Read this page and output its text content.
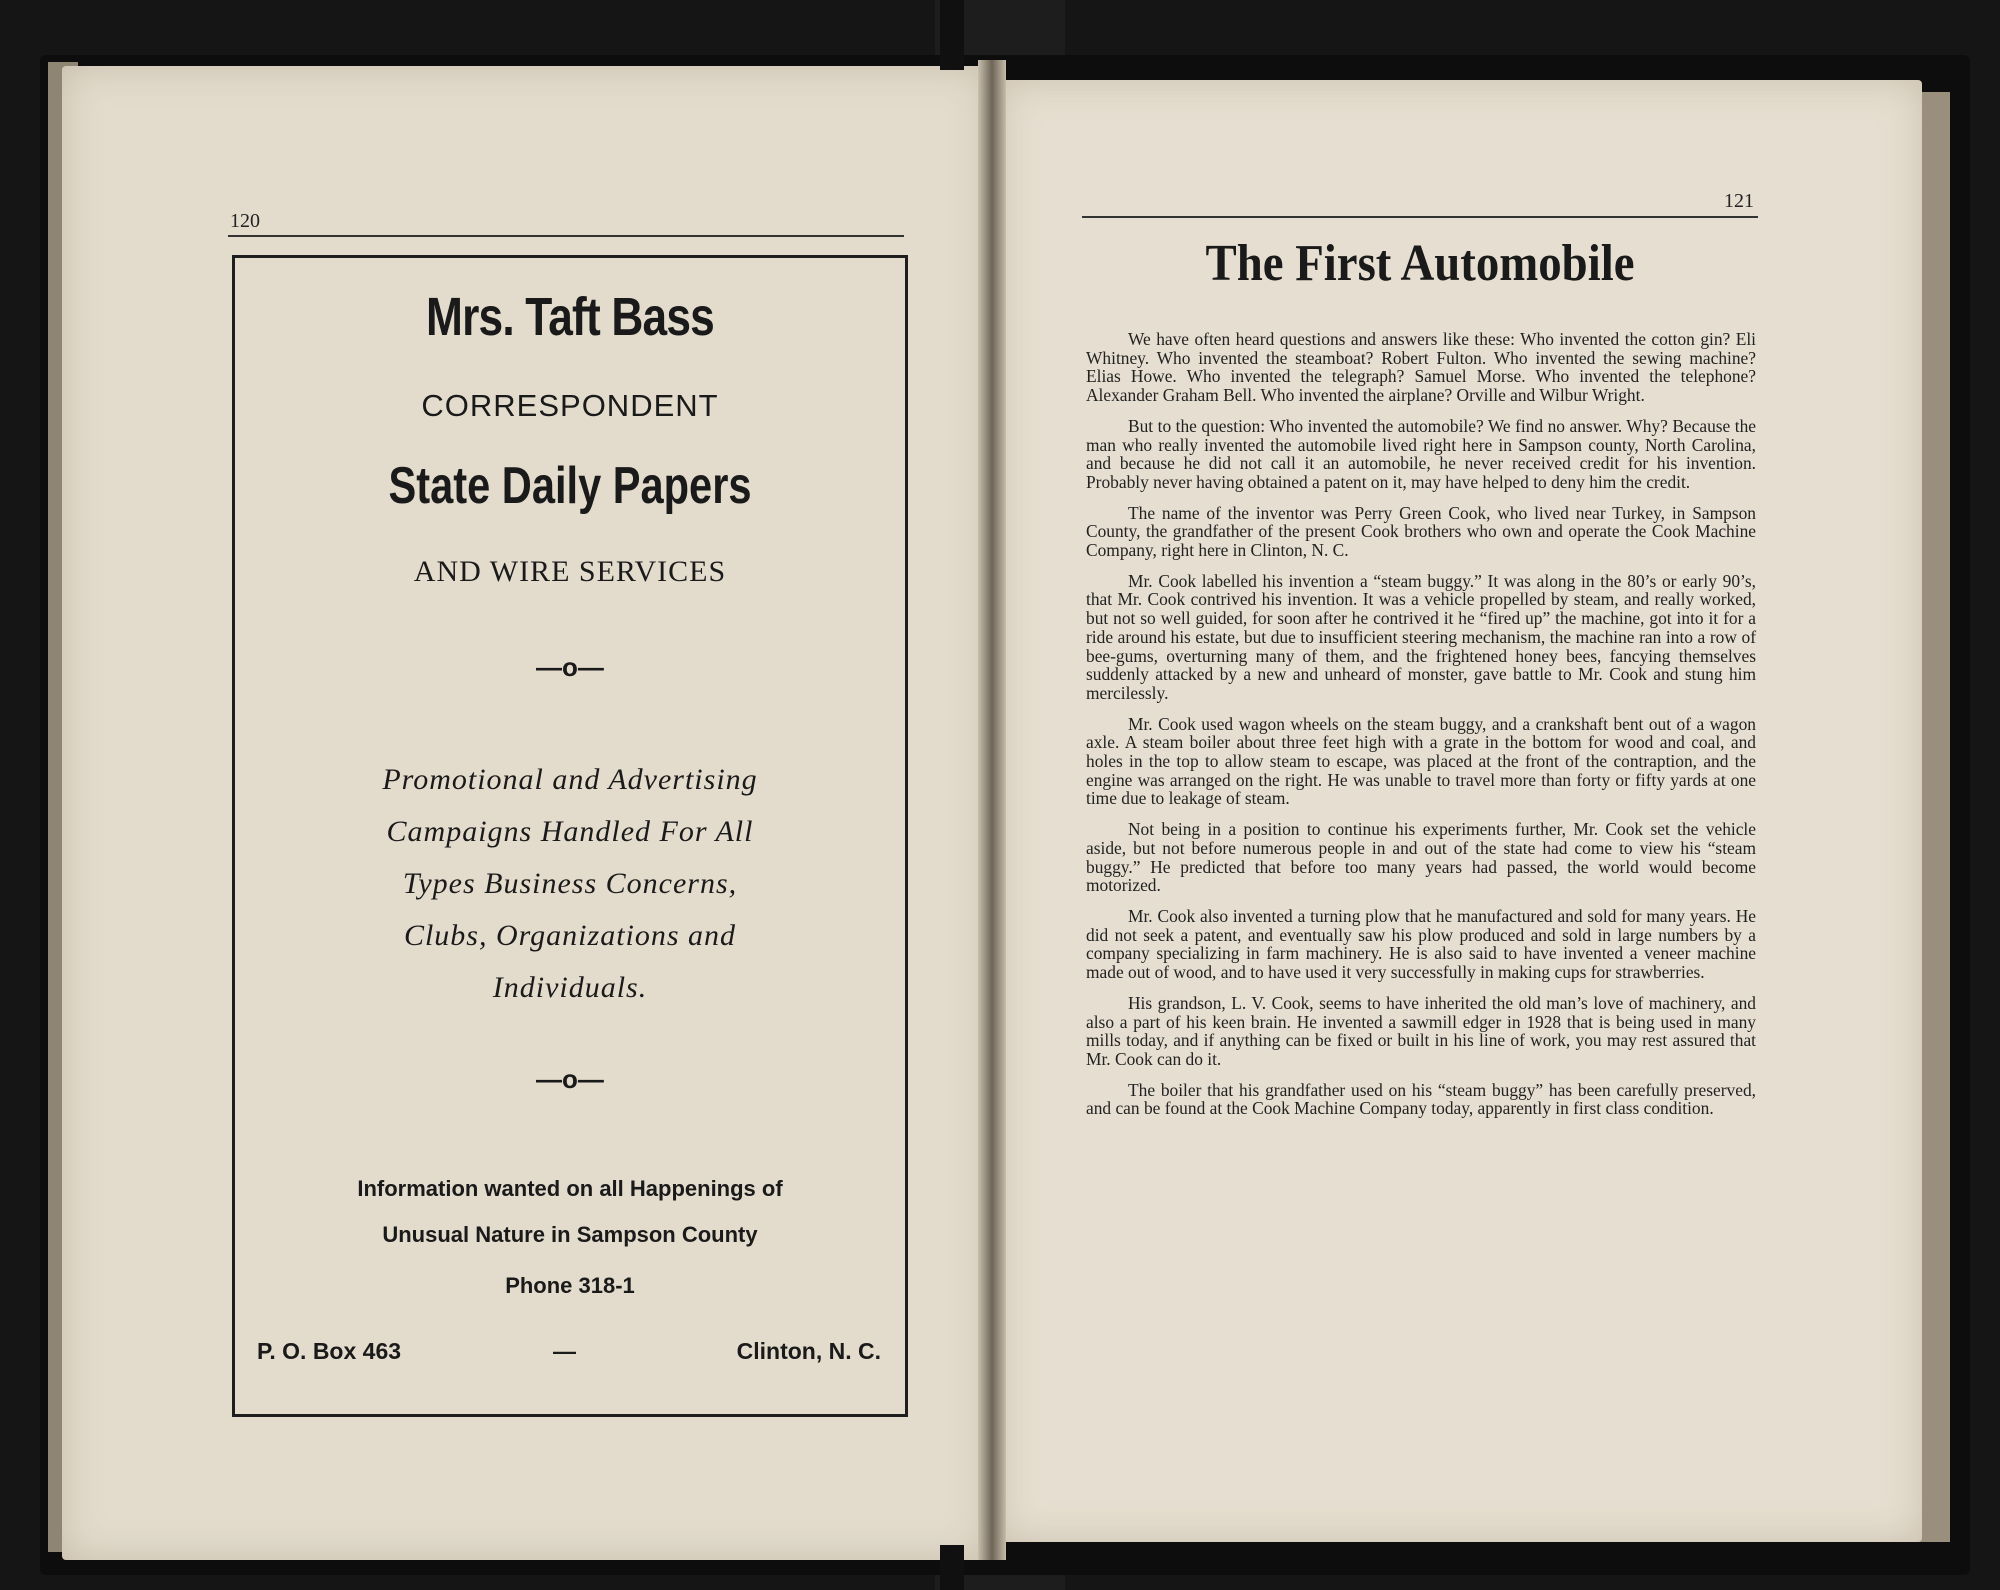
120
Mrs. Taft Bass
CORRESPONDENT
State Daily Papers
AND WIRE SERVICES
—o—
Promotional and Advertising Campaigns Handled For All Types Business Concerns, Clubs, Organizations and Individuals.
—o—
Information wanted on all Happenings of Unusual Nature in Sampson County
Phone 318-1
P. O. Box 463	—	Clinton, N. C.
121
The First Automobile

We have often heard questions and answers like these: Who invented the cotton gin? Eli Whitney. Who invented the steamboat? Robert Fulton. Who invented the sewing machine? Elias Howe. Who invented the telegraph? Samuel Morse. Who invented the telephone? Alexander Graham Bell. Who invented the airplane? Orville and Wilbur Wright.

But to the question: Who invented the automobile? We find no answer. Why? Because the man who really invented the automobile lived right here in Sampson county, North Carolina, and because he did not call it an automobile, he never received credit for his invention. Probably never having obtained a patent on it, may have helped to deny him the credit.

The name of the inventor was Perry Green Cook, who lived near Turkey, in Sampson County, the grandfather of the present Cook brothers who own and operate the Cook Machine Company, right here in Clinton, N. C.

Mr. Cook labelled his invention a “steam buggy.” It was along in the 80’s or early 90’s, that Mr. Cook contrived his invention. It was a vehicle propelled by steam, and really worked, but not so well guided, for soon after he contrived it he “fired up” the machine, got into it for a ride around his estate, but due to insufficient steering mechanism, the machine ran into a row of bee-gums, overturning many of them, and the frightened honey bees, fancying themselves suddenly attacked by a new and unheard of monster, gave battle to Mr. Cook and stung him mercilessly.

Mr. Cook used wagon wheels on the steam buggy, and a crankshaft bent out of a wagon axle. A steam boiler about three feet high with a grate in the bottom for wood and coal, and holes in the top to allow steam to escape, was placed at the front of the contraption, and the engine was arranged on the right. He was unable to travel more than forty or fifty yards at one time due to leakage of steam.

Not being in a position to continue his experiments further, Mr. Cook set the vehicle aside, but not before numerous people in and out of the state had come to view his “steam buggy.” He predicted that before too many years had passed, the world would become motorized.

Mr. Cook also invented a turning plow that he manufactured and sold for many years. He did not seek a patent, and eventually saw his plow produced and sold in large numbers by a company specializing in farm machinery. He is also said to have invented a veneer machine made out of wood, and to have used it very successfully in making cups for strawberries.

His grandson, L. V. Cook, seems to have inherited the old man’s love of machinery, and also a part of his keen brain. He invented a sawmill edger in 1928 that is being used in many mills today, and if anything can be fixed or built in his line of work, you may rest assured that Mr. Cook can do it.

The boiler that his grandfather used on his “steam buggy” has been carefully preserved, and can be found at the Cook Machine Company today, apparently in first class condition.
